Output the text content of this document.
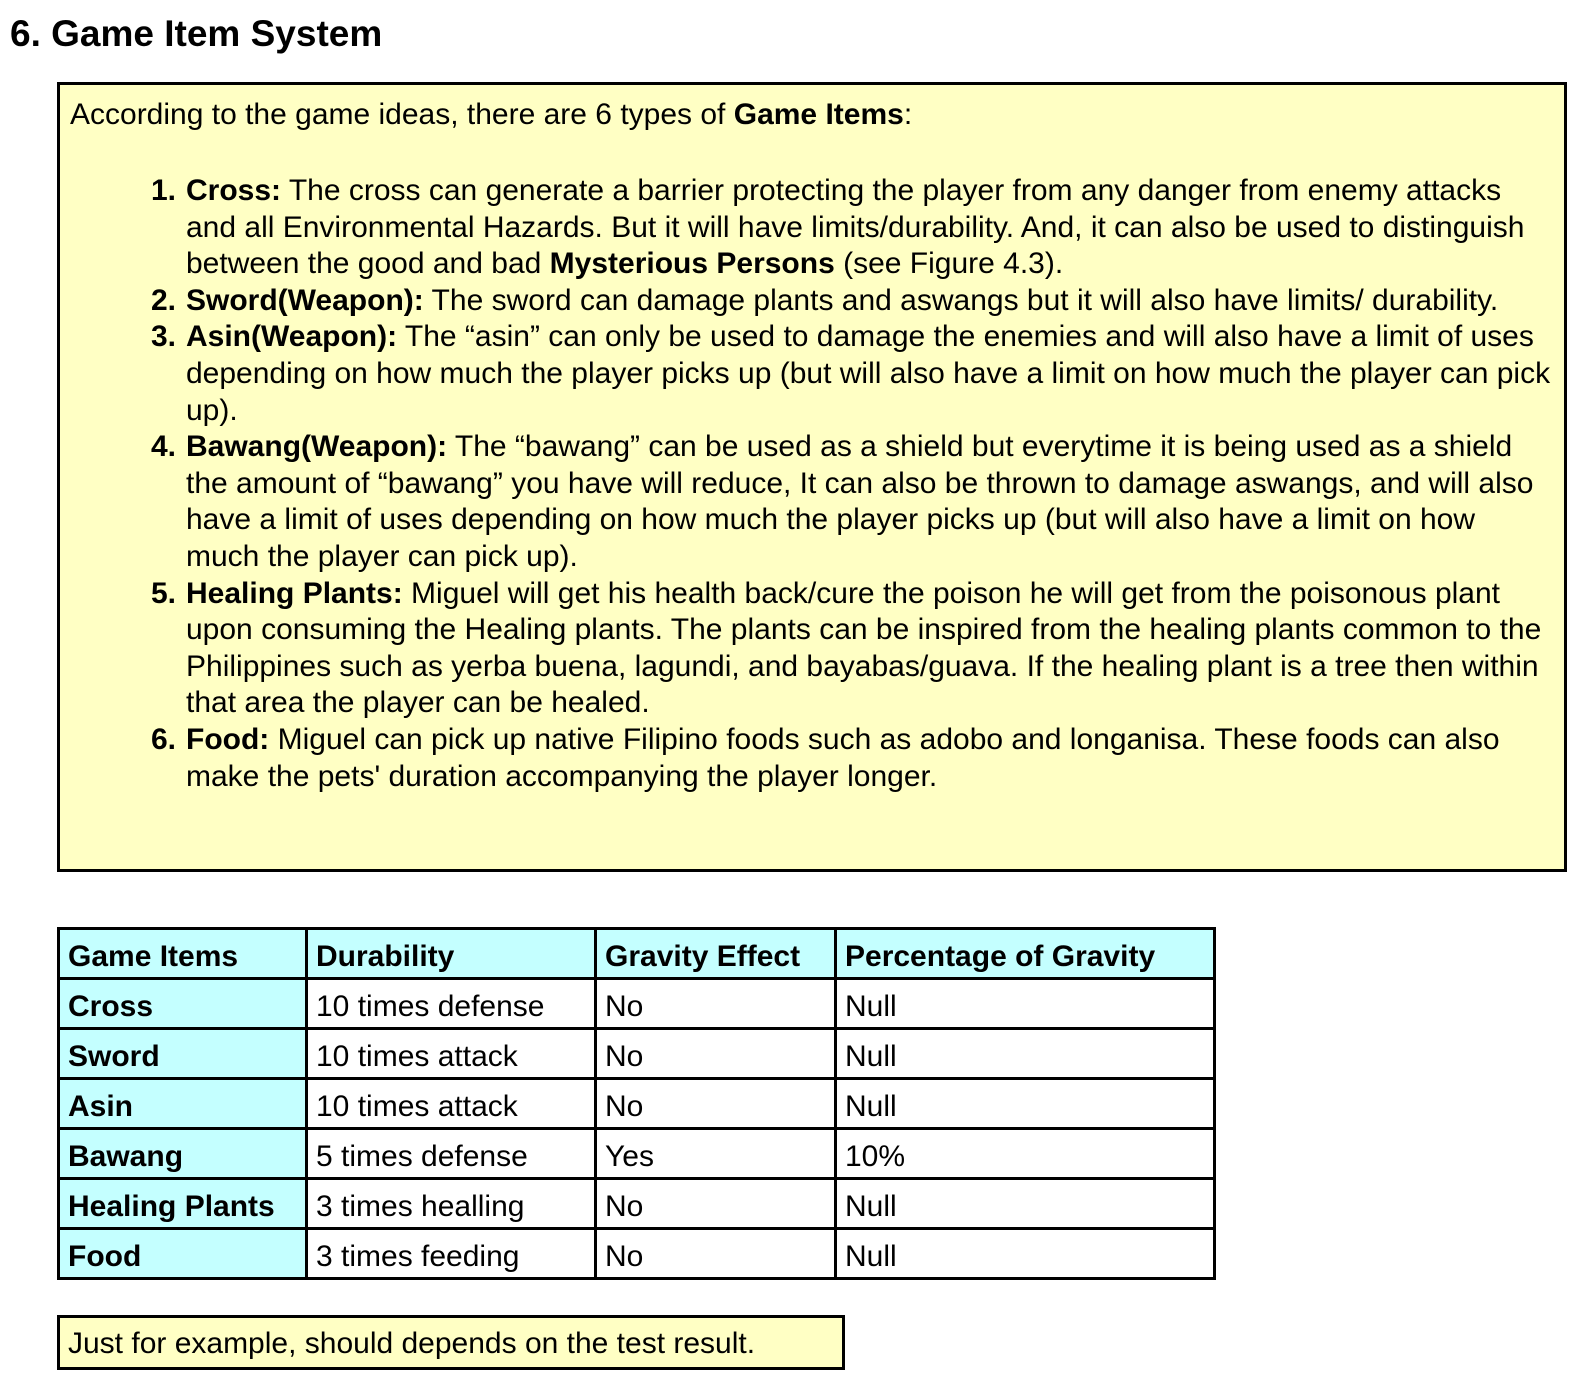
6. Game Item System

According to the game ideas, there are 6 types of Game Items:

1. Cross: The cross can generate a barrier protecting the player from any danger from enemy attacks and all Environmental Hazards. But it will have limits/durability. And, it can also be used to distinguish between the good and bad Mysterious Persons (see Figure 4.3).
2. Sword(Weapon): The sword can damage plants and aswangs but it will also have limits/ durability.
3. Asin(Weapon): The “asin” can only be used to damage the enemies and will also have a limit of uses depending on how much the player picks up (but will also have a limit on how much the player can pick up).
4. Bawang(Weapon): The “bawang” can be used as a shield but everytime it is being used as a shield the amount of “bawang” you have will reduce, It can also be thrown to damage aswangs, and will also have a limit of uses depending on how much the player picks up (but will also have a limit on how much the player can pick up).
5. Healing Plants: Miguel will get his health back/cure the poison he will get from the poisonous plant upon consuming the Healing plants. The plants can be inspired from the healing plants common to the Philippines such as yerba buena, lagundi, and bayabas/guava. If the healing plant is a tree then within that area the player can be healed.
6. Food: Miguel can pick up native Filipino foods such as adobo and longanisa. These foods can also make the pets' duration accompanying the player longer.
Game Items	Durability	Gravity Effect	Percentage of Gravity
Cross	10 times defense	No	Null
Sword	10 times attack	No	Null
Asin	10 times attack	No	Null
Bawang	5 times defense	Yes	10%
Healing Plants	3 times healling	No	Null
Food	3 times feeding	No	Null
Just for example, should depends on the test result.
